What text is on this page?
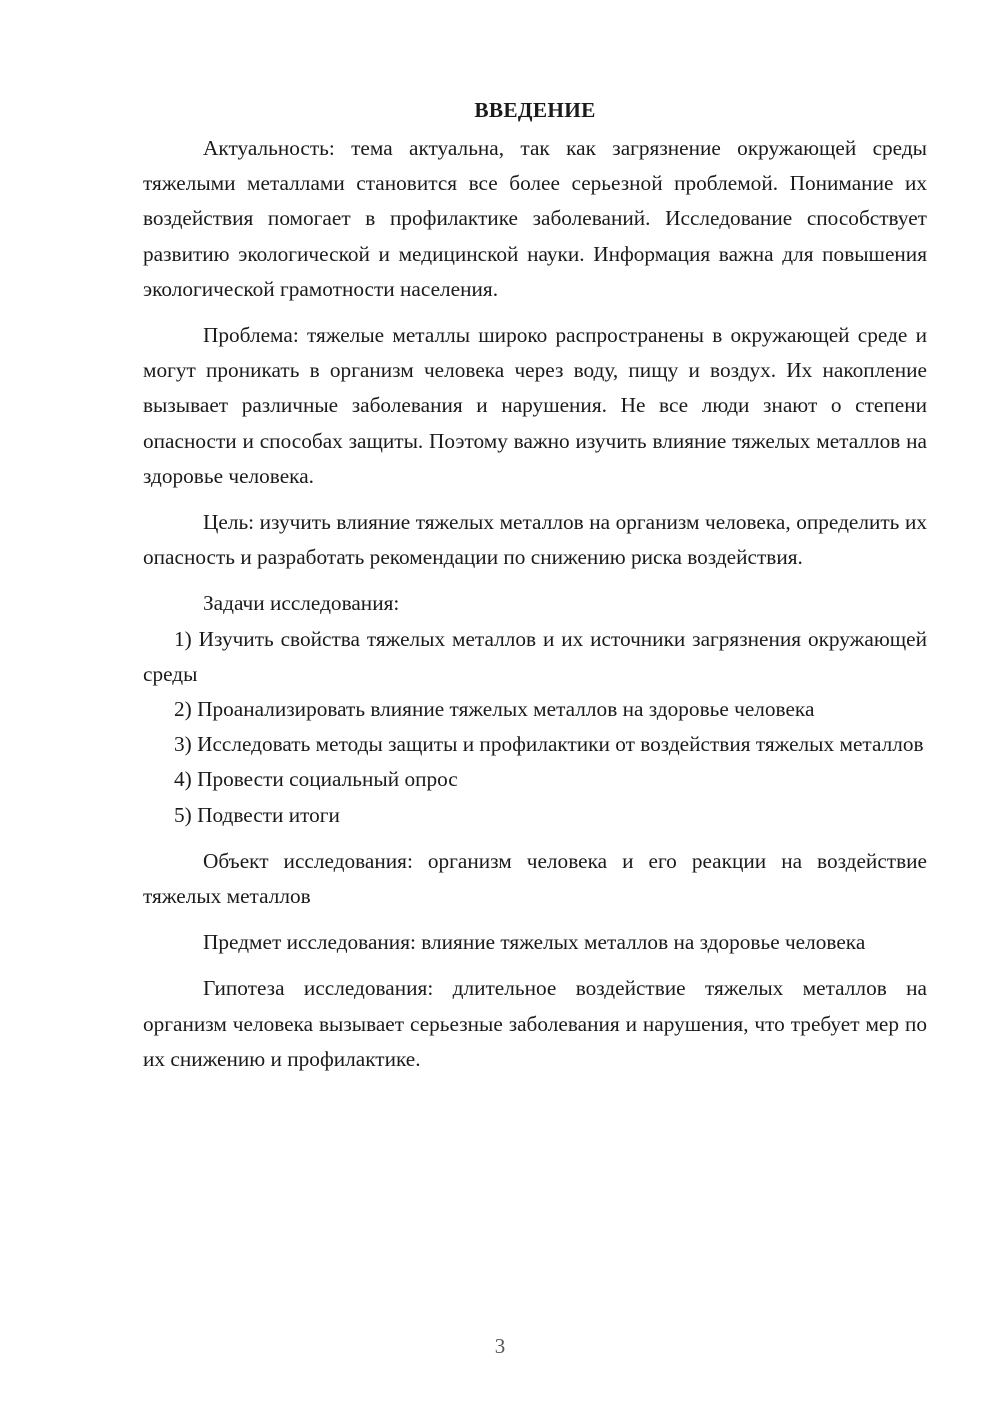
ВВЕДЕНИЕ

Актуальность: тема актуальна, так как загрязнение окружающей среды тяжелыми металлами становится все более серьезной проблемой. Понимание их воздействия помогает в профилактике заболеваний. Исследование способствует развитию экологической и медицинской науки. Информация важна для повышения экологической грамотности населения.

Проблема: тяжелые металлы широко распространены в окружающей среде и могут проникать в организм человека через воду, пищу и воздух. Их накопление вызывает различные заболевания и нарушения. Не все люди знают о степени опасности и способах защиты. Поэтому важно изучить влияние тяжелых металлов на здоровье человека.

Цель: изучить влияние тяжелых металлов на организм человека, определить их опасность и разработать рекомендации по снижению риска воздействия.

Задачи исследования:

1) Изучить свойства тяжелых металлов и их источники загрязнения окружающей среды

2) Проанализировать влияние тяжелых металлов на здоровье человека

3) Исследовать методы защиты и профилактики от воздействия тяжелых металлов

4) Провести социальный опрос

5) Подвести итоги

Объект исследования: организм человека и его реакции на воздействие тяжелых металлов

Предмет исследования: влияние тяжелых металлов на здоровье человека

Гипотеза исследования: длительное воздействие тяжелых металлов на организм человека вызывает серьезные заболевания и нарушения, что требует мер по их снижению и профилактике.

3
